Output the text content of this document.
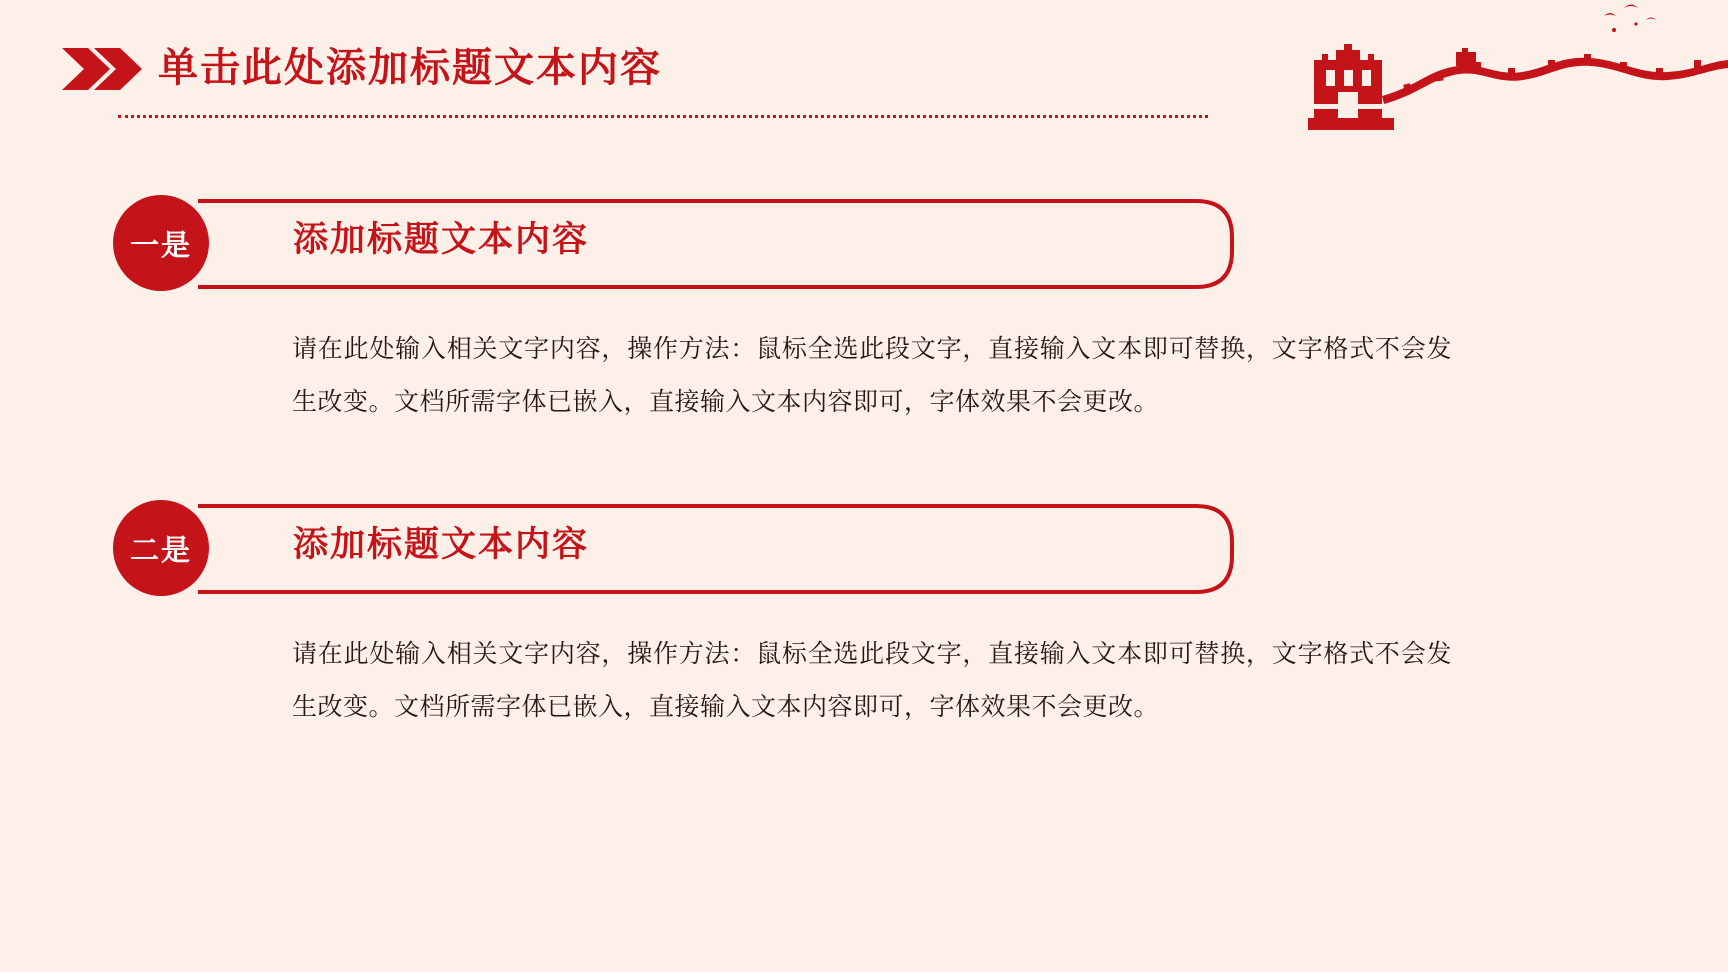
单击此处添加标题文本内容
一是	添加标题文本内容
请在此处输入相关文字内容，操作方法：鼠标全选此段文字，直接输入文本即可替换，文字格式不会发生改变。文档所需字体已嵌入，直接输入文本内容即可，字体效果不会更改。
二是	添加标题文本内容
请在此处输入相关文字内容，操作方法：鼠标全选此段文字，直接输入文本即可替换，文字格式不会发生改变。文档所需字体已嵌入，直接输入文本内容即可，字体效果不会更改。
